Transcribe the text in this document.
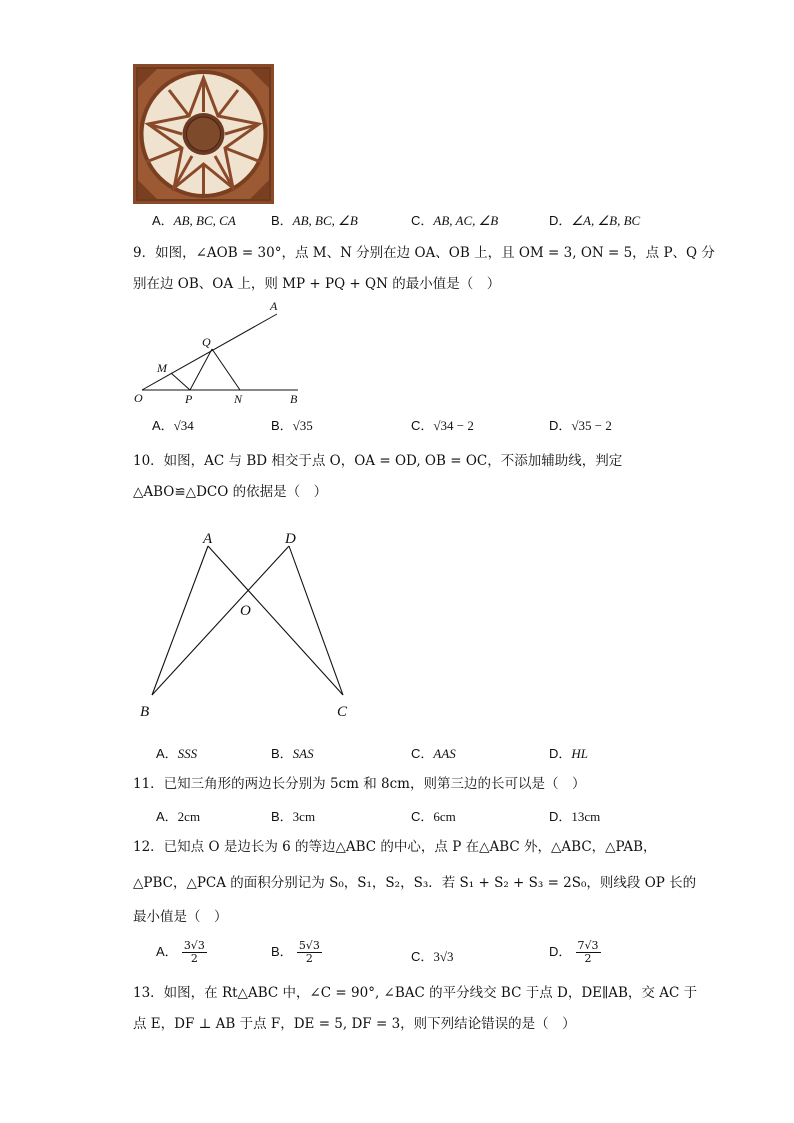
A．AB, BC, CA	B．AB, BC, ∠B	C．AB, AC, ∠B	D．∠A, ∠B, BC
9．如图，∠AOB = 30°，点 M、N 分别在边 OA、OB 上，且 OM = 3, ON = 5，点 P、Q 分
别在边 OB、OA 上，则 MP + PQ + QN 的最小值是（　）
A
Q
M
O	P	N	B
A．√34	B．√35	C．√34 − 2	D．√35 − 2
10．如图，AC 与 BD 相交于点 O，OA = OD, OB = OC，不添加辅助线，判定
△ABO≌△DCO 的依据是（　）
A	D
O
B	C
A．SSS	B．SAS	C．AAS	D．HL
11．已知三角形的两边长分别为 5cm 和 8cm，则第三边的长可以是（　）
A．2cm	B．3cm	C．6cm	D．13cm
12．已知点 O 是边长为 6 的等边△ABC 的中心，点 P 在△ABC 外，△ABC，△PAB，
△PBC，△PCA 的面积分别记为 S₀，S₁，S₂，S₃．若 S₁ + S₂ + S₃ = 2S₀，则线段 OP 长的
最小值是（　）
A． $\frac{3√3}{2}$	B． $\frac{5√3}{2}$	C．3√3	D． $\frac{7√3}{2}$
13．如图，在 Rt△ABC 中，∠C = 90°, ∠BAC 的平分线交 BC 于点 D，DE∥AB，交 AC 于
点 E，DF ⊥ AB 于点 F，DE = 5, DF = 3，则下列结论错误的是（　）
